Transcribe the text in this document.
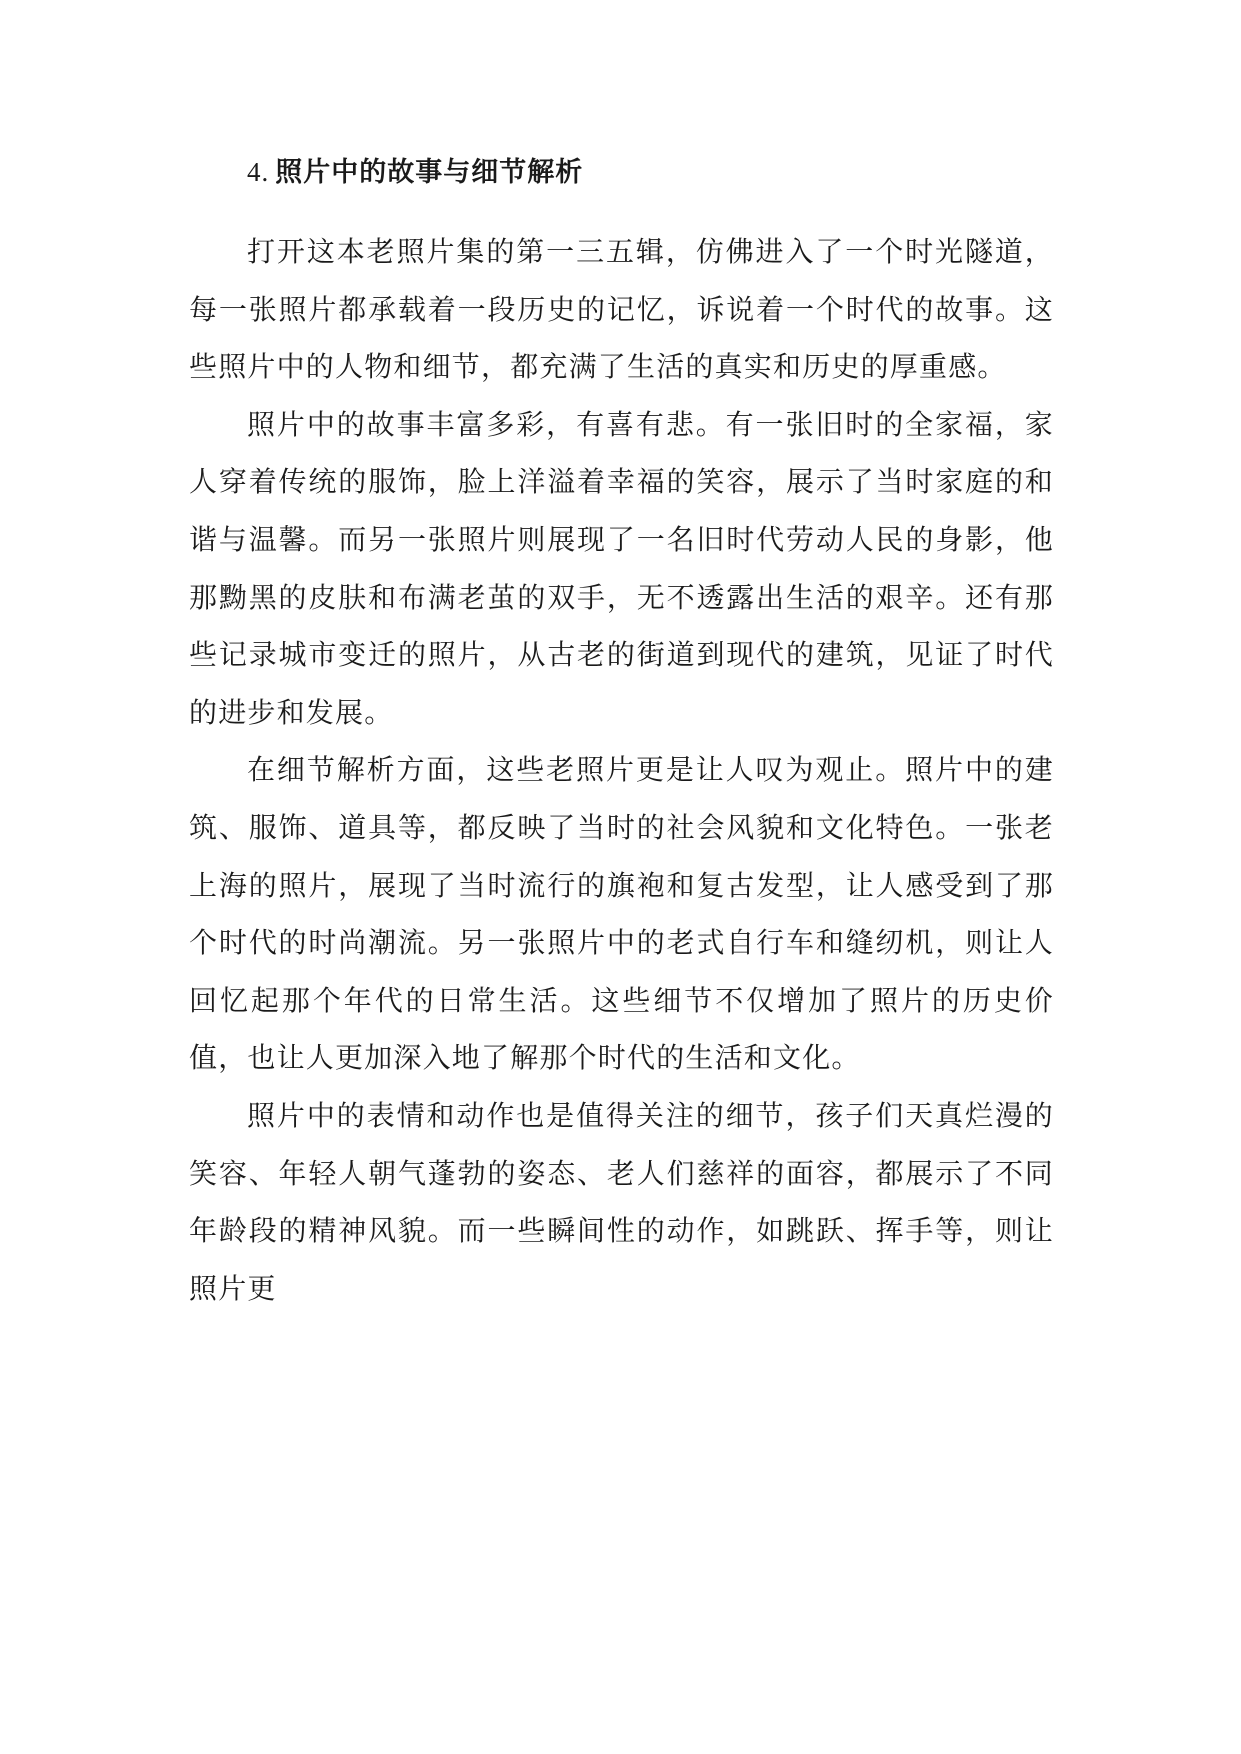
4. 照片中的故事与细节解析

打开这本老照片集的第一三五辑，仿佛进入了一个时光隧道，每一张照片都承载着一段历史的记忆，诉说着一个时代的故事。这些照片中的人物和细节，都充满了生活的真实和历史的厚重感。

照片中的故事丰富多彩，有喜有悲。有一张旧时的全家福，家人穿着传统的服饰，脸上洋溢着幸福的笑容，展示了当时家庭的和谐与温馨。而另一张照片则展现了一名旧时代劳动人民的身影，他那黝黑的皮肤和布满老茧的双手，无不透露出生活的艰辛。还有那些记录城市变迁的照片，从古老的街道到现代的建筑，见证了时代的进步和发展。

在细节解析方面，这些老照片更是让人叹为观止。照片中的建筑、服饰、道具等，都反映了当时的社会风貌和文化特色。一张老上海的照片，展现了当时流行的旗袍和复古发型，让人感受到了那个时代的时尚潮流。另一张照片中的老式自行车和缝纫机，则让人回忆起那个年代的日常生活。这些细节不仅增加了照片的历史价值，也让人更加深入地了解那个时代的生活和文化。

照片中的表情和动作也是值得关注的细节，孩子们天真烂漫的笑容、年轻人朝气蓬勃的姿态、老人们慈祥的面容，都展示了不同年龄段的精神风貌。而一些瞬间性的动作，如跳跃、挥手等，则让照片更
